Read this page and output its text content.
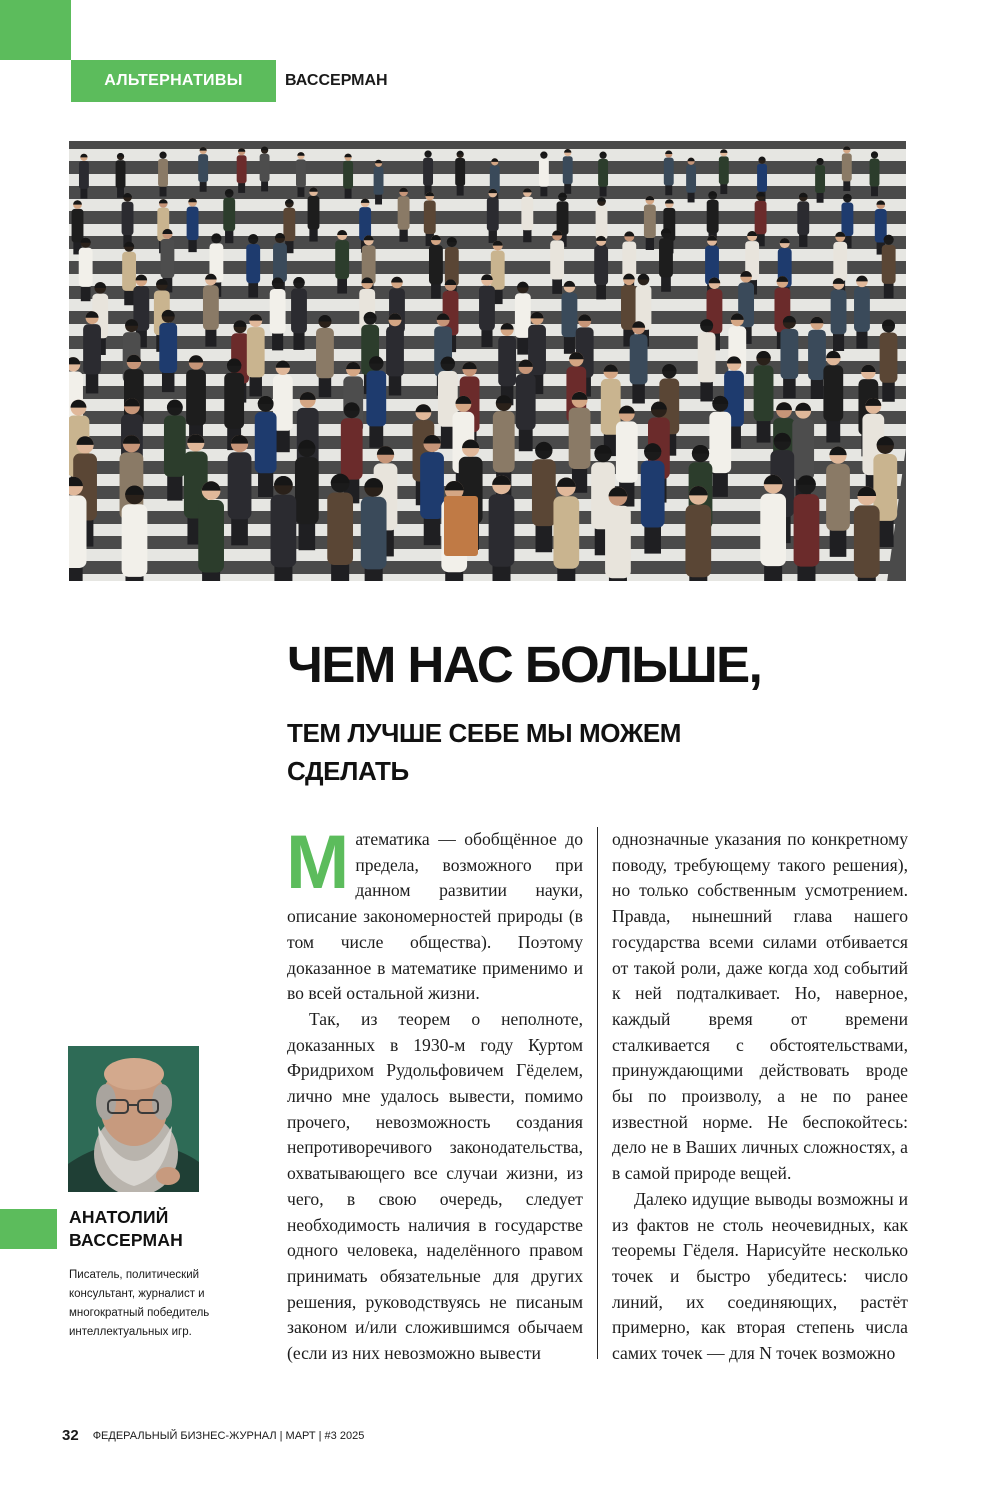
АЛЬТЕРНАТИВЫ	ВАССЕРМАН
ЧЕМ НАС БОЛЬШЕ,
ТЕМ ЛУЧШЕ СЕБЕ МЫ МОЖЕМ СДЕЛАТЬ

Математика — обобщённое до предела, возможного при данном развитии науки, описание закономерностей природы (в том числе общества). Поэтому доказанное в математике применимо и во всей остальной жизни.

Так, из теорем о неполноте, доказанных в 1930-м году Куртом Фридрихом Рудольфовичем Гёделем, лично мне удалось вывести, помимо прочего, невозможность создания непротиворечивого законодательства, охватывающего все случаи жизни, из чего, в свою очередь, следует необходимость наличия в государстве одного человека, наделённого правом принимать обязательные для других решения, руководствуясь не писаным законом и/или сложившимся обычаем (если из них невозможно вывести

однозначные указания по конкретному поводу, требующему такого решения), но только собственным усмотрением. Правда, нынешний глава нашего государства всеми силами отбивается от такой роли, даже когда ход событий к ней подталкивает. Но, наверное, каждый время от времени сталкивается с обстоятельствами, принуждающими действовать вроде бы по произволу, а не по ранее известной норме. Не беспокойтесь: дело не в Ваших личных сложностях, а в самой природе вещей.

Далеко идущие выводы возможны и из фактов не столь неочевидных, как теоремы Гёделя. Нарисуйте несколько точек и быстро убедитесь: число линий, их соединяющих, растёт примерно, как вторая степень числа самих точек — для N точек возможно

АНАТОЛИЙ ВАССЕРМАН
Писатель, политический консультант, журналист и многократный победитель интеллектуальных игр.
32 ФЕДЕРАЛЬНЫЙ БИЗНЕС-ЖУРНАЛ | МАРТ | #3 2025
